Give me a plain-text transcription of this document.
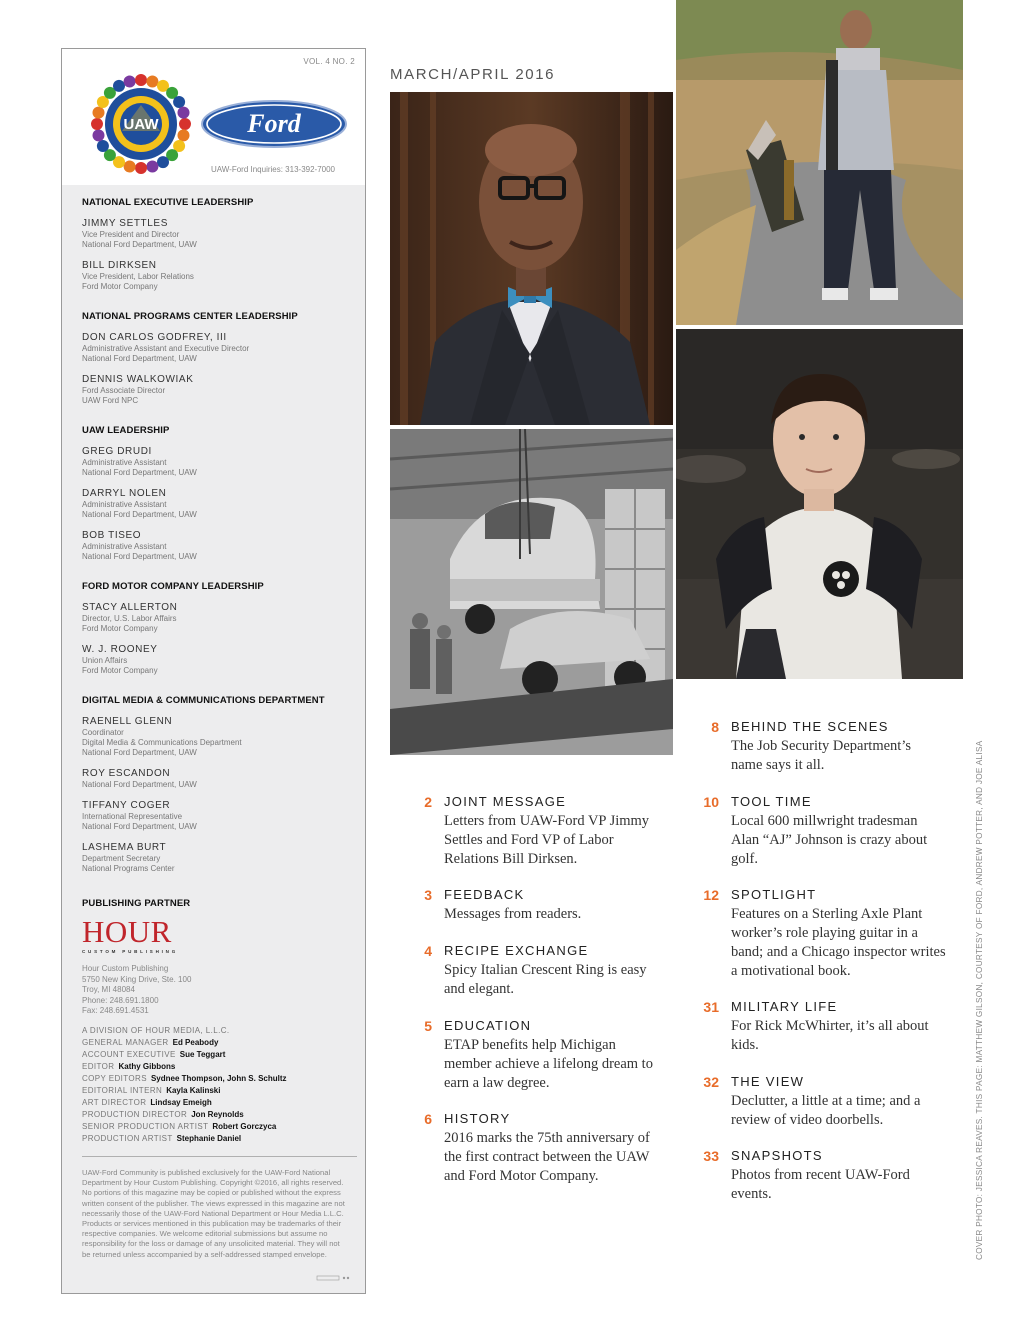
VOL. 4 NO. 2
UAW	Ford
UAW-Ford Inquiries: 313-392-7000
NATIONAL EXECUTIVE LEADERSHIP
JIMMY SETTLES
Vice President and Director
National Ford Department, UAW
BILL DIRKSEN
Vice President, Labor Relations
Ford Motor Company
NATIONAL PROGRAMS CENTER LEADERSHIP
DON CARLOS GODFREY, III
Administrative Assistant and Executive Director
National Ford Department, UAW
DENNIS WALKOWIAK
Ford Associate Director
UAW Ford NPC
UAW LEADERSHIP
GREG DRUDI
Administrative Assistant
National Ford Department, UAW
DARRYL NOLEN
Administrative Assistant
National Ford Department, UAW
BOB TISEO
Administrative Assistant
National Ford Department, UAW
FORD MOTOR COMPANY LEADERSHIP
STACY ALLERTON
Director, U.S. Labor Affairs
Ford Motor Company
W. J. ROONEY
Union Affairs
Ford Motor Company
DIGITAL MEDIA & COMMUNICATIONS DEPARTMENT
RAENELL GLENN
Coordinator
Digital Media & Communications Department
National Ford Department, UAW
ROY ESCANDON
National Ford Department, UAW
TIFFANY COGER
International Representative
National Ford Department, UAW
LASHEMA BURT
Department Secretary
National Programs Center
PUBLISHING PARTNER
HOUR
CUSTOM PUBLISHING
Hour Custom Publishing
5750 New King Drive, Ste. 100
Troy, MI 48084
Phone: 248.691.1800
Fax: 248.691.4531
A DIVISION OF HOUR MEDIA, L.L.C.
GENERAL MANAGER Ed Peabody
ACCOUNT EXECUTIVE Sue Teggart
EDITOR Kathy Gibbons
COPY EDITORS Sydnee Thompson, John S. Schultz
EDITORIAL INTERN Kayla Kalinski
ART DIRECTOR Lindsay Emeigh
PRODUCTION DIRECTOR Jon Reynolds
SENIOR PRODUCTION ARTIST Robert Gorczyca
PRODUCTION ARTIST Stephanie Daniel
UAW-Ford Community is published exclusively for the UAW-Ford National Department by Hour Custom Publishing. Copyright ©2016, all rights reserved. No portions of this magazine may be copied or published without the express written consent of the publisher. The views expressed in this magazine are not necessarily those of the UAW-Ford National Department or Hour Media L.L.C. Products or services mentioned in this publication may be trademarks of their respective companies. We welcome editorial submissions but assume no responsibility for the loss or damage of any unsolicited material. They will not be returned unless accompanied by a self-addressed stamped envelope.
MARCH/APRIL 2016
2 JOINT MESSAGE
Letters from UAW-Ford VP Jimmy Settles and Ford VP of Labor Relations Bill Dirksen.
3 FEEDBACK
Messages from readers.
4 RECIPE EXCHANGE
Spicy Italian Crescent Ring is easy and elegant.
5 EDUCATION
ETAP benefits help Michigan member achieve a lifelong dream to earn a law degree.
6 HISTORY
2016 marks the 75th anniversary of the first contract between the UAW and Ford Motor Company.
8 BEHIND THE SCENES
The Job Security Department’s name says it all.
10 TOOL TIME
Local 600 millwright tradesman Alan “AJ” Johnson is crazy about golf.
12 SPOTLIGHT
Features on a Sterling Axle Plant worker’s role playing guitar in a band; and a Chicago inspector writes a motivational book.
31 MILITARY LIFE
For Rick McWhirter, it’s all about kids.
32 THE VIEW
Declutter, a little at a time; and a review of video doorbells.
33 SNAPSHOTS
Photos from recent UAW-Ford events.	COVER PHOTO: JESSICA REAVES. THIS PAGE: MATTHEW GILSON, COURTESY OF FORD, ANDREW POTTER, AND JOE ALISA
